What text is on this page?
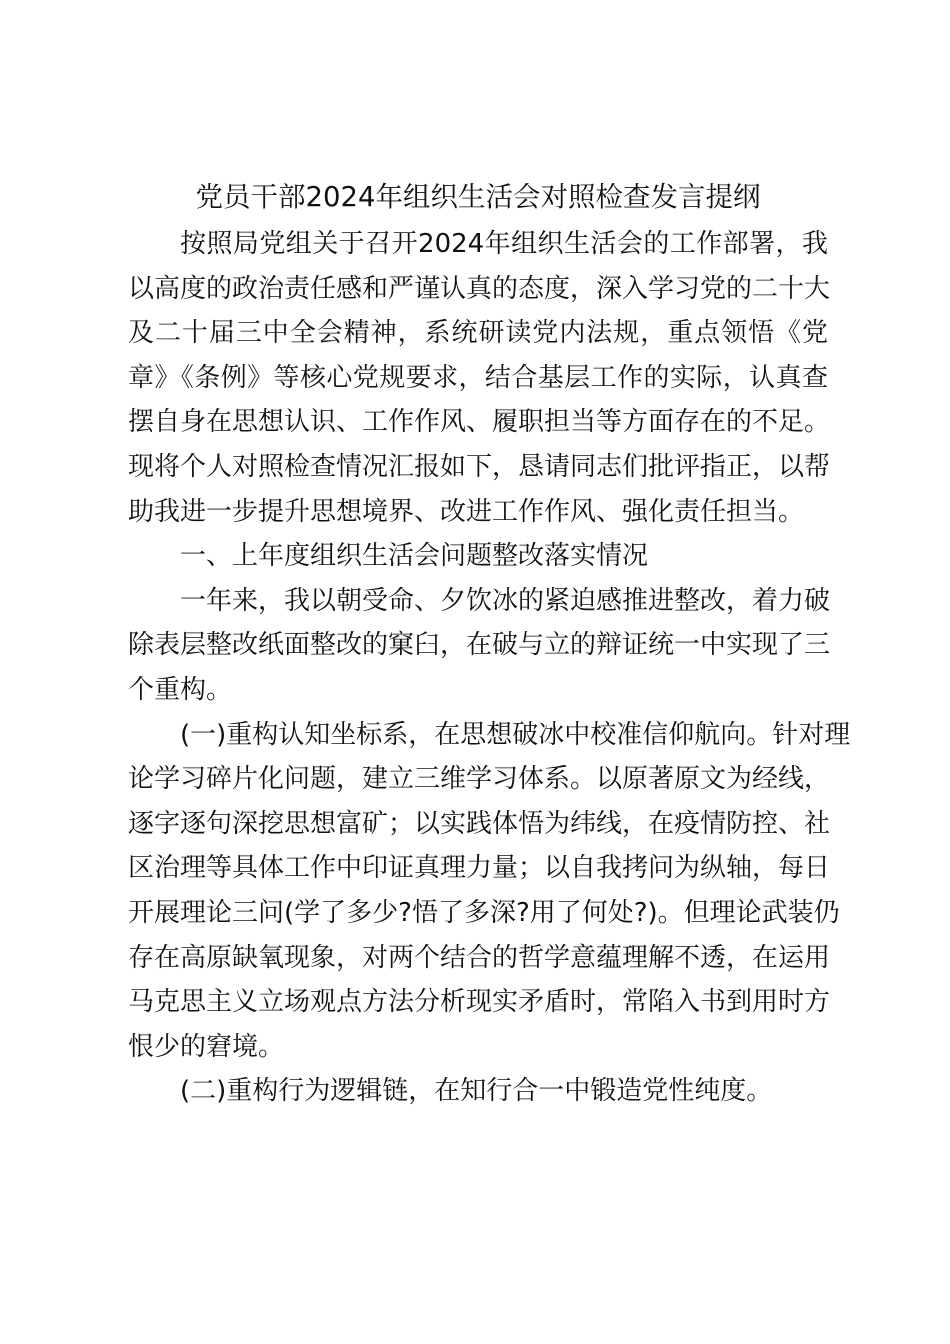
党员干部2024年组织生活会对照检查发言提纲
按照局党组关于召开2024年组织生活会的工作部署，我
以高度的政治责任感和严谨认真的态度，深入学习党的二十大
及二十届三中全会精神，系统研读党内法规，重点领悟《党
章》《条例》等核心党规要求，结合基层工作的实际，认真查
摆自身在思想认识、工作作风、履职担当等方面存在的不足。
现将个人对照检查情况汇报如下，恳请同志们批评指正，以帮
助我进一步提升思想境界、改进工作作风、强化责任担当。
一、上年度组织生活会问题整改落实情况
一年来，我以朝受命、夕饮冰的紧迫感推进整改，着力破
除表层整改纸面整改的窠臼，在破与立的辩证统一中实现了三
个重构。
(一)重构认知坐标系，在思想破冰中校准信仰航向。针对理
论学习碎片化问题，建立三维学习体系。以原著原文为经线，
逐字逐句深挖思想富矿；以实践体悟为纬线，在疫情防控、社
区治理等具体工作中印证真理力量；以自我拷问为纵轴，每日
开展理论三问(学了多少?悟了多深?用了何处?)。但理论武装仍
存在高原缺氧现象，对两个结合的哲学意蕴理解不透，在运用
马克思主义立场观点方法分析现实矛盾时，常陷入书到用时方
恨少的窘境。
(二)重构行为逻辑链，在知行合一中锻造党性纯度。
